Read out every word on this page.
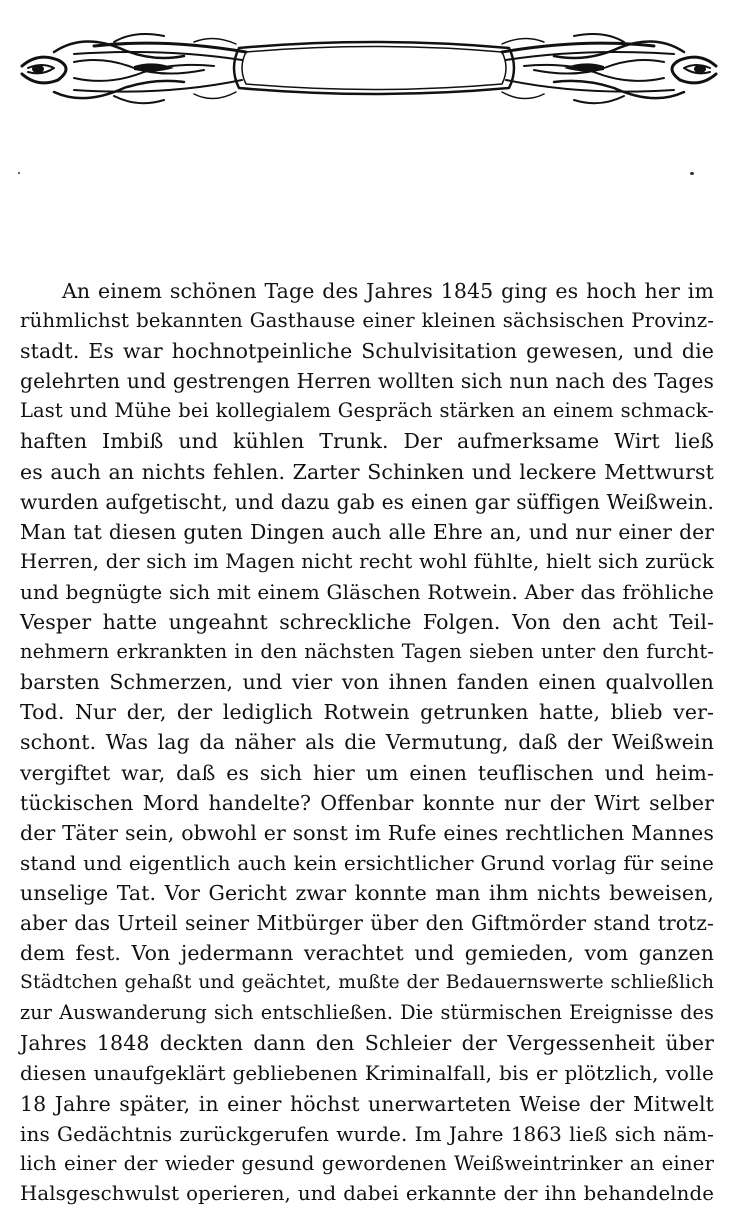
An einem schönen Tage des Jahres 1845 ging es hoch her im
rühmlichst bekannten Gasthause einer kleinen sächsischen Provinz-
stadt. Es war hochnotpeinliche Schulvisitation gewesen, und die
gelehrten und gestrengen Herren wollten sich nun nach des Tages
Last und Mühe bei kollegialem Gespräch stärken an einem schmack-
haften Imbiß und kühlen Trunk. Der aufmerksame Wirt ließ
es auch an nichts fehlen. Zarter Schinken und leckere Mettwurst
wurden aufgetischt, und dazu gab es einen gar süffigen Weißwein.
Man tat diesen guten Dingen auch alle Ehre an, und nur einer der
Herren, der sich im Magen nicht recht wohl fühlte, hielt sich zurück
und begnügte sich mit einem Gläschen Rotwein. Aber das fröhliche
Vesper hatte ungeahnt schreckliche Folgen. Von den acht Teil-
nehmern erkrankten in den nächsten Tagen sieben unter den furcht-
barsten Schmerzen, und vier von ihnen fanden einen qualvollen
Tod. Nur der, der lediglich Rotwein getrunken hatte, blieb ver-
schont. Was lag da näher als die Vermutung, daß der Weißwein
vergiftet war, daß es sich hier um einen teuflischen und heim-
tückischen Mord handelte? Offenbar konnte nur der Wirt selber
der Täter sein, obwohl er sonst im Rufe eines rechtlichen Mannes
stand und eigentlich auch kein ersichtlicher Grund vorlag für seine
unselige Tat. Vor Gericht zwar konnte man ihm nichts beweisen,
aber das Urteil seiner Mitbürger über den Giftmörder stand trotz-
dem fest. Von jedermann verachtet und gemieden, vom ganzen
Städtchen gehaßt und geächtet, mußte der Bedauernswerte schließlich
zur Auswanderung sich entschließen. Die stürmischen Ereignisse des
Jahres 1848 deckten dann den Schleier der Vergessenheit über
diesen unaufgeklärt gebliebenen Kriminalfall, bis er plötzlich, volle
18 Jahre später, in einer höchst unerwarteten Weise der Mitwelt
ins Gedächtnis zurückgerufen wurde. Im Jahre 1863 ließ sich näm-
lich einer der wieder gesund gewordenen Weißweintrinker an einer
Halsgeschwulst operieren, und dabei erkannte der ihn behandelnde
